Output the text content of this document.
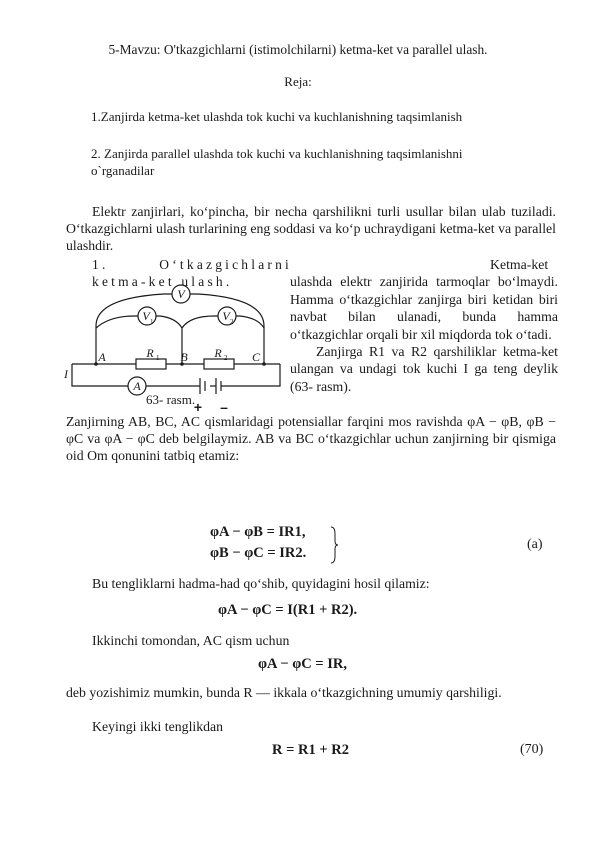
5-Mavzu: O'tkazgichlarni (istimolchilarni) ketma-ket va parallel ulash.
Reja:
1.Zanjirda ketma-ket ulashda tok kuchi va kuchlanishning taqsimlanish
2. Zanjirda parallel ulashda tok kuchi va kuchlanishning taqsimlanishni o`rganadilar
Elektr zanjirlari, ko‘pincha, bir necha qarshilikni turli usullar bilan ulab tuziladi. O‘tkazgichlarni ulash turlarining eng soddasi va ko‘p uchraydigani ketma-ket va parallel ulashdir.
1. O‘tkazgichlarni ketma-ket ulash.
Ketma-ket ulashda elektr zanjirida tarmoqlar bo‘lmaydi. Hamma o‘tkazgichlar zanjirga biri ketidan biri navbat bilan ulanadi, bunda hamma o‘tkazgichlar orqali bir xil miqdorda tok o‘tadi.
Zanjirga R1 va R2 qarshiliklar ketma-ket ulangan va undagi tok kuchi I ga teng deylik (63- rasm).
V
V	V
A
A	B	C
R	R
I
1	2
1	2
+ –
63- rasm.
Zanjirning AB, BC, AC qismlaridagi potensiallar farqini mos ravishda φA − φB, φB − φC va φA − φC deb belgilaymiz. AB va BC o‘tkazgichlar uchun zanjirning bir qismiga oid Om qonunini tatbiq etamiz:
φA − φB = IR1,
φB − φC = IR2.
(a)
Bu tengliklarni hadma-had qo‘shib, quyidagini hosil qilamiz:
φA − φC = I(R1 + R2).
Ikkinchi tomondan, AC qism uchun
φA − φC = IR,
deb yozishimiz mumkin, bunda R — ikkala o‘tkazgichning umumiy qarshiligi.
Keyingi ikki tenglikdan
R = R1 + R2	(70)
